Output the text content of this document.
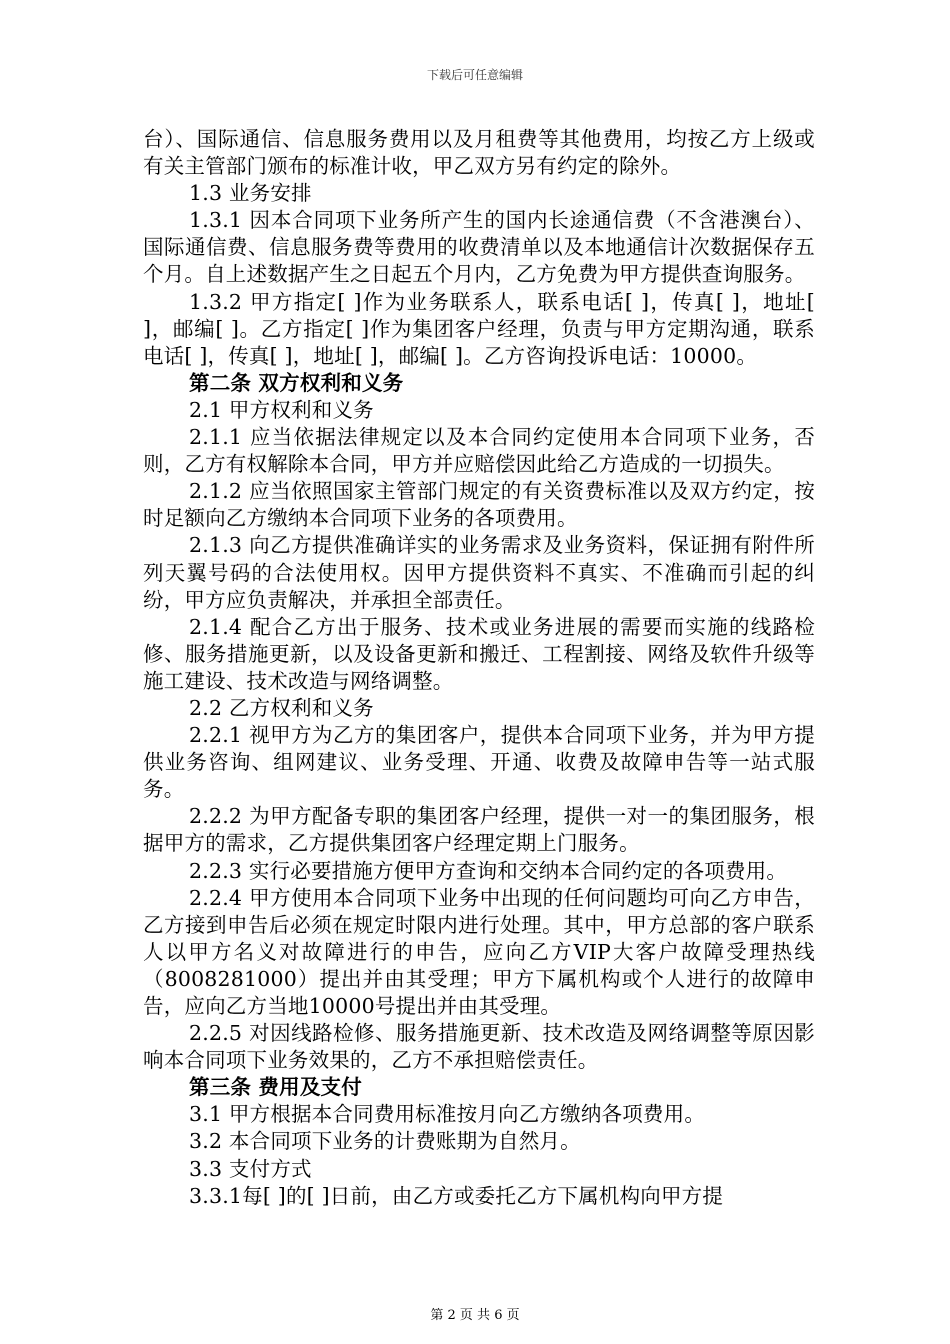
下载后可任意编辑

台）、国际通信、信息服务费用以及月租费等其他费用，均按乙方上级或有关主管部门颁布的标准计收，甲乙双方另有约定的除外。

1.3 业务安排

1.3.1 因本合同项下业务所产生的国内长途通信费（不含港澳台）、国际通信费、信息服务费等费用的收费清单以及本地通信计次数据保存五个月。自上述数据产生之日起五个月内，乙方免费为甲方提供查询服务。

1.3.2 甲方指定[ ]作为业务联系人，联系电话[ ]，传真[ ]，地址[ ]，邮编[ ]。乙方指定[ ]作为集团客户经理，负责与甲方定期沟通，联系电话[ ]，传真[ ]，地址[ ]，邮编[ ]。乙方咨询投诉电话：10000。

第二条 双方权利和义务

2.1 甲方权利和义务

2.1.1 应当依据法律规定以及本合同约定使用本合同项下业务，否则，乙方有权解除本合同，甲方并应赔偿因此给乙方造成的一切损失。

2.1.2 应当依照国家主管部门规定的有关资费标准以及双方约定，按时足额向乙方缴纳本合同项下业务的各项费用。

2.1.3 向乙方提供准确详实的业务需求及业务资料，保证拥有附件所列天翼号码的合法使用权。因甲方提供资料不真实、不准确而引起的纠纷，甲方应负责解决，并承担全部责任。

2.1.4 配合乙方出于服务、技术或业务进展的需要而实施的线路检修、服务措施更新，以及设备更新和搬迁、工程割接、网络及软件升级等施工建设、技术改造与网络调整。

2.2 乙方权利和义务

2.2.1 视甲方为乙方的集团客户，提供本合同项下业务，并为甲方提供业务咨询、组网建议、业务受理、开通、收费及故障申告等一站式服务。

2.2.2 为甲方配备专职的集团客户经理，提供一对一的集团服务，根据甲方的需求，乙方提供集团客户经理定期上门服务。

2.2.3 实行必要措施方便甲方查询和交纳本合同约定的各项费用。

2.2.4 甲方使用本合同项下业务中出现的任何问题均可向乙方申告，乙方接到申告后必须在规定时限内进行处理。其中，甲方总部的客户联系人以甲方名义对故障进行的申告，应向乙方VIP大客户故障受理热线（8008281000）提出并由其受理；甲方下属机构或个人进行的故障申告，应向乙方当地10000号提出并由其受理。

2.2.5 对因线路检修、服务措施更新、技术改造及网络调整等原因影响本合同项下业务效果的，乙方不承担赔偿责任。

第三条 费用及支付

3.1 甲方根据本合同费用标准按月向乙方缴纳各项费用。

3.2 本合同项下业务的计费账期为自然月。

3.3 支付方式

3.3.1每[ ]的[ ]日前，由乙方或委托乙方下属机构向甲方提

第 2 页 共 6 页
